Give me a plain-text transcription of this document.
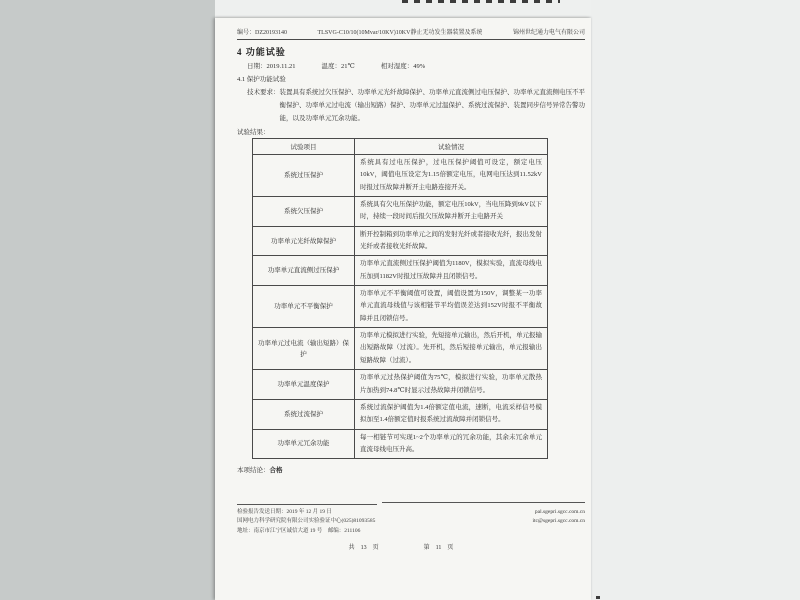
编号：DZ20193140	TLSVG-C10/10(10Mvar/10KV)10KV静止无功发生器装置及系统	锦州世纪通力电气有限公司
4 功能试验
日期：2019.11.21	温度：21℃	相对湿度：49%
4.1 保护功能试验
技术要求： 装置具有系统过欠压保护、功率单元光纤故障保护、功率单元直流侧过电压保护、功率单元直流侧电压不平衡保护、功率单元过电流（输出短路）保护、功率单元过温保护、系统过流保护、装置同步信号异常告警功能，以及功率单元冗余功能。
试验结果：
试验项目	试验情况
系统过压保护	系统具有过电压保护，过电压保护阈值可设定，额定电压10kV，阈值电压设定为1.15倍额定电压，电网电压达到11.52kV时报过压故障并断开主电路连接开关。
系统欠压保护	系统具有欠电压保护功能，额定电压10kV，当电压降到9kV以下时，持续一段时间后报欠压故障并断开主电路开关
功率单元光纤故障保护	断开控制箱到功率单元之间的发射光纤或者接收光纤，报出发射光纤或者接收光纤故障。
功率单元直流侧过压保护	功率单元直流侧过压保护阈值为1180V，模拟实验，直流母线电压加到1182V时报过压故障并且闭锁信号。
功率单元不平衡保护	功率单元不平衡阈值可设置，阈值设置为150V，调整某一功率单元直流母线值与该相链节平均值误差达到152V时报不平衡故障并且闭锁信号。
功率单元过电流（输出短路）保护	功率单元模拟进行实验，先短接单元输出，然后开机，单元报输出短路故障（过流）。先开机，然后短接单元输出，单元报输出短路故障（过流）。
功率单元温度保护	功率单元过热保护阈值为75℃，模拟进行实验，功率单元散热片加热到74.8℃时显示过热故障并闭锁信号。
系统过流保护	系统过流保护阈值为1.4倍额定值电流，速断，电流采样信号模拟加至1.4倍额定值时报系统过流故障并闭锁信号。
功率单元冗余功能	每一相链节可实现1~2个功率单元的冗余功能，其余未冗余单元直流母线电压升高。
本项结论：合格
检验报告发送日期：2019 年 12 月 19 日
国网电力科学研究院有限公司实验验证中心(025)81093585
地址：南京市江宁区诚信大道 19 号　邮编：211106
pal.sgepri.sgcc.com.cn
itc@sgepri.sgcc.com.cn
共　13　页	第　11　页
